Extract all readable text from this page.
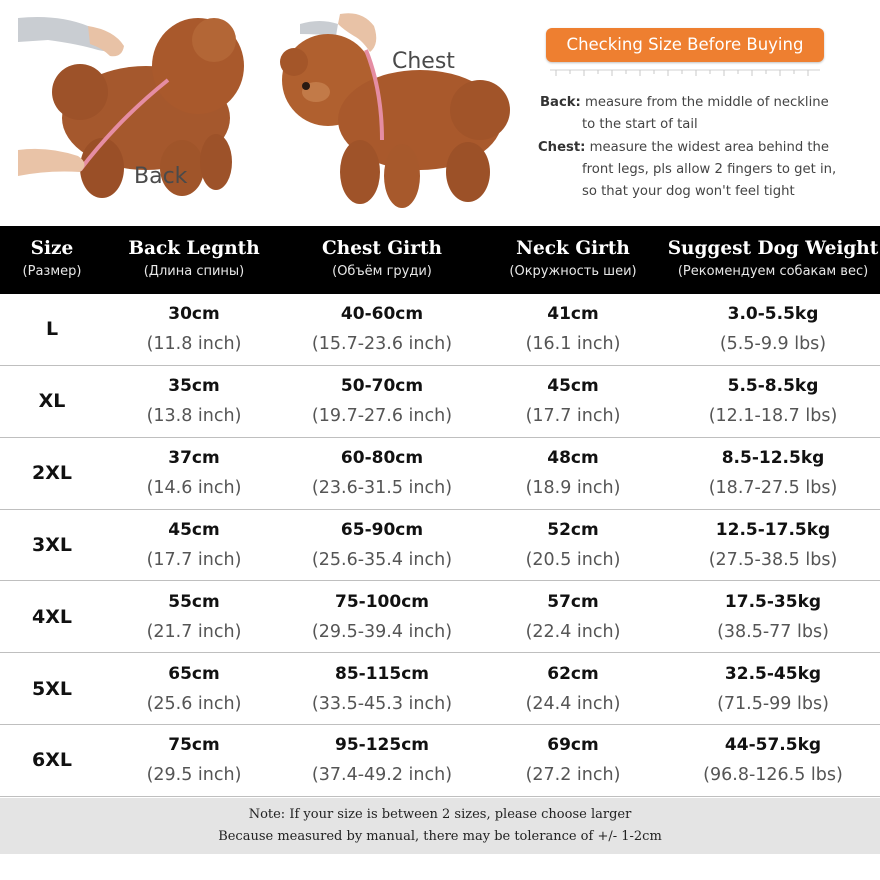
Back
Chest
Checking Size Before Buying
Back: measure from the middle of neckline
to the start of tail
Chest: measure the widest area behind the
front legs, pls allow 2 fingers to get in,
so that your dog won't feel tight
Size
(Размер)
Back Legnth
(Длина спины)
Chest Girth
(Объём груди)
Neck Girth
(Окружность шеи)
Suggest Dog Weight
(Рекомендуем собакам вес)
L
30cm
(11.8 inch)
40-60cm
(15.7-23.6 inch)
41cm
(16.1 inch)
3.0-5.5kg
(5.5-9.9 lbs)
XL
35cm
(13.8 inch)
50-70cm
(19.7-27.6 inch)
45cm
(17.7 inch)
5.5-8.5kg
(12.1-18.7 lbs)
2XL
37cm
(14.6 inch)
60-80cm
(23.6-31.5 inch)
48cm
(18.9 inch)
8.5-12.5kg
(18.7-27.5 lbs)
3XL
45cm
(17.7 inch)
65-90cm
(25.6-35.4 inch)
52cm
(20.5 inch)
12.5-17.5kg
(27.5-38.5 lbs)
4XL
55cm
(21.7 inch)
75-100cm
(29.5-39.4 inch)
57cm
(22.4 inch)
17.5-35kg
(38.5-77 lbs)
5XL
65cm
(25.6 inch)
85-115cm
(33.5-45.3 inch)
62cm
(24.4 inch)
32.5-45kg
(71.5-99 lbs)
6XL
75cm
(29.5 inch)
95-125cm
(37.4-49.2 inch)
69cm
(27.2 inch)
44-57.5kg
(96.8-126.5 lbs)
Note: If your size is between 2 sizes, please choose larger
Because measured by manual, there may be tolerance of +/- 1-2cm
